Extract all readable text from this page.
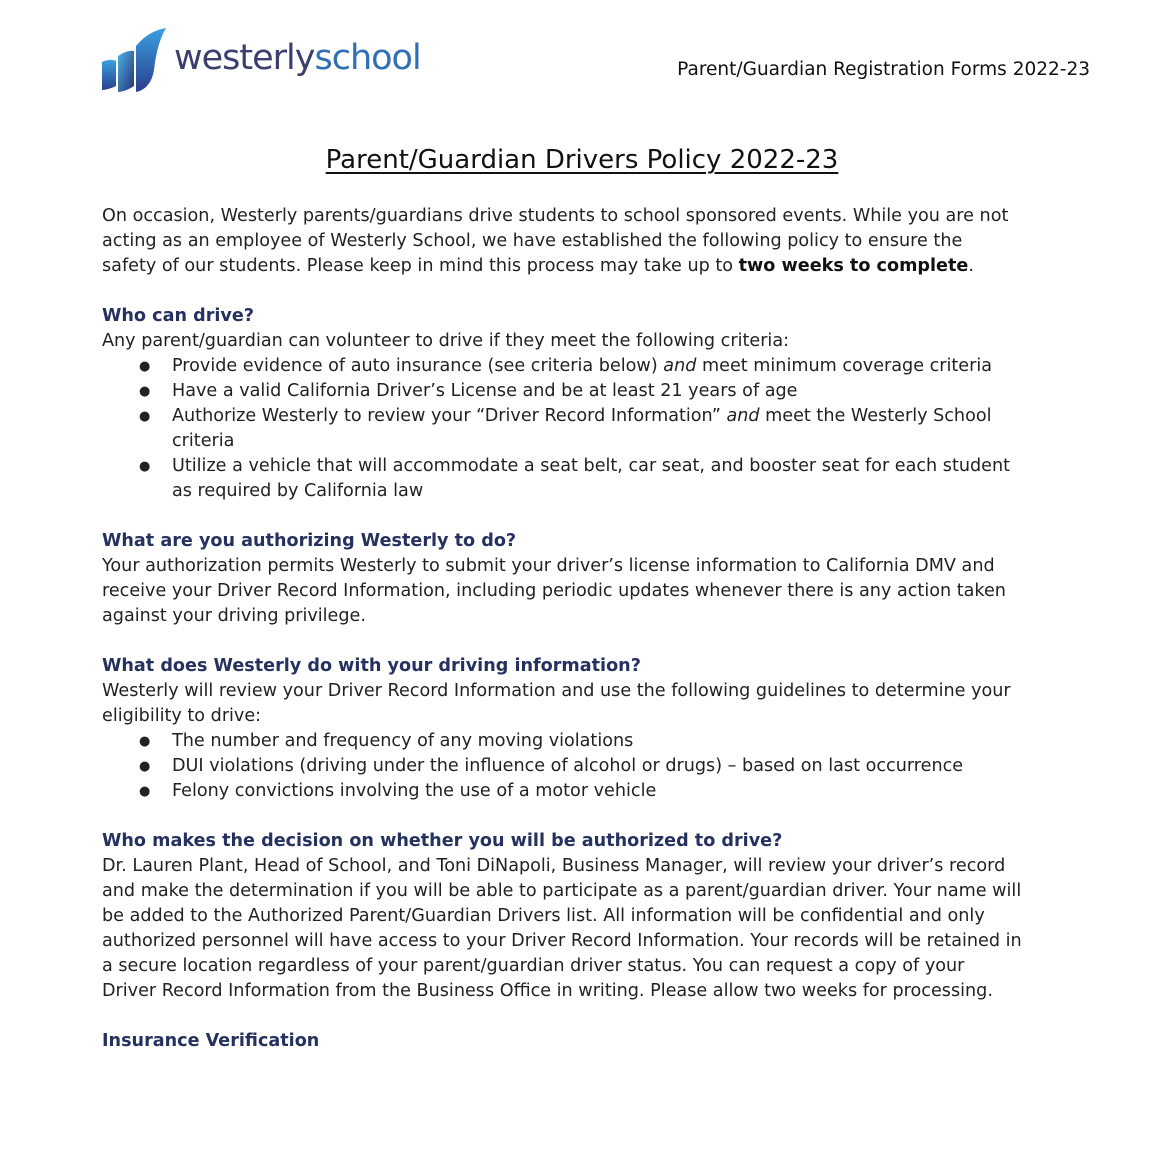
westerlyschool	Parent/Guardian Registration Forms 2022-23
Parent/Guardian Drivers Policy 2022-23

On occasion, Westerly parents/guardians drive students to school sponsored events. While you are not acting as an employee of Westerly School, we have established the following policy to ensure the safety of our students. Please keep in mind this process may take up to two weeks to complete.

Who can drive?

Any parent/guardian can volunteer to drive if they meet the following criteria:

● Provide evidence of auto insurance (see criteria below) and meet minimum coverage criteria
● Have a valid California Driver’s License and be at least 21 years of age
● Authorize Westerly to review your “Driver Record Information” and meet the Westerly School criteria
● Utilize a vehicle that will accommodate a seat belt, car seat, and booster seat for each student as required by California law

What are you authorizing Westerly to do?

Your authorization permits Westerly to submit your driver’s license information to California DMV and receive your Driver Record Information, including periodic updates whenever there is any action taken against your driving privilege.

What does Westerly do with your driving information?

Westerly will review your Driver Record Information and use the following guidelines to determine your eligibility to drive:

● The number and frequency of any moving violations
● DUI violations (driving under the influence of alcohol or drugs) – based on last occurrence
● Felony convictions involving the use of a motor vehicle

Who makes the decision on whether you will be authorized to drive?

Dr. Lauren Plant, Head of School, and Toni DiNapoli, Business Manager, will review your driver’s record and make the determination if you will be able to participate as a parent/guardian driver. Your name will be added to the Authorized Parent/Guardian Drivers list. All information will be confidential and only authorized personnel will have access to your Driver Record Information. Your records will be retained in a secure location regardless of your parent/guardian driver status. You can request a copy of your Driver Record Information from the Business Office in writing. Please allow two weeks for processing.

Insurance Verification
